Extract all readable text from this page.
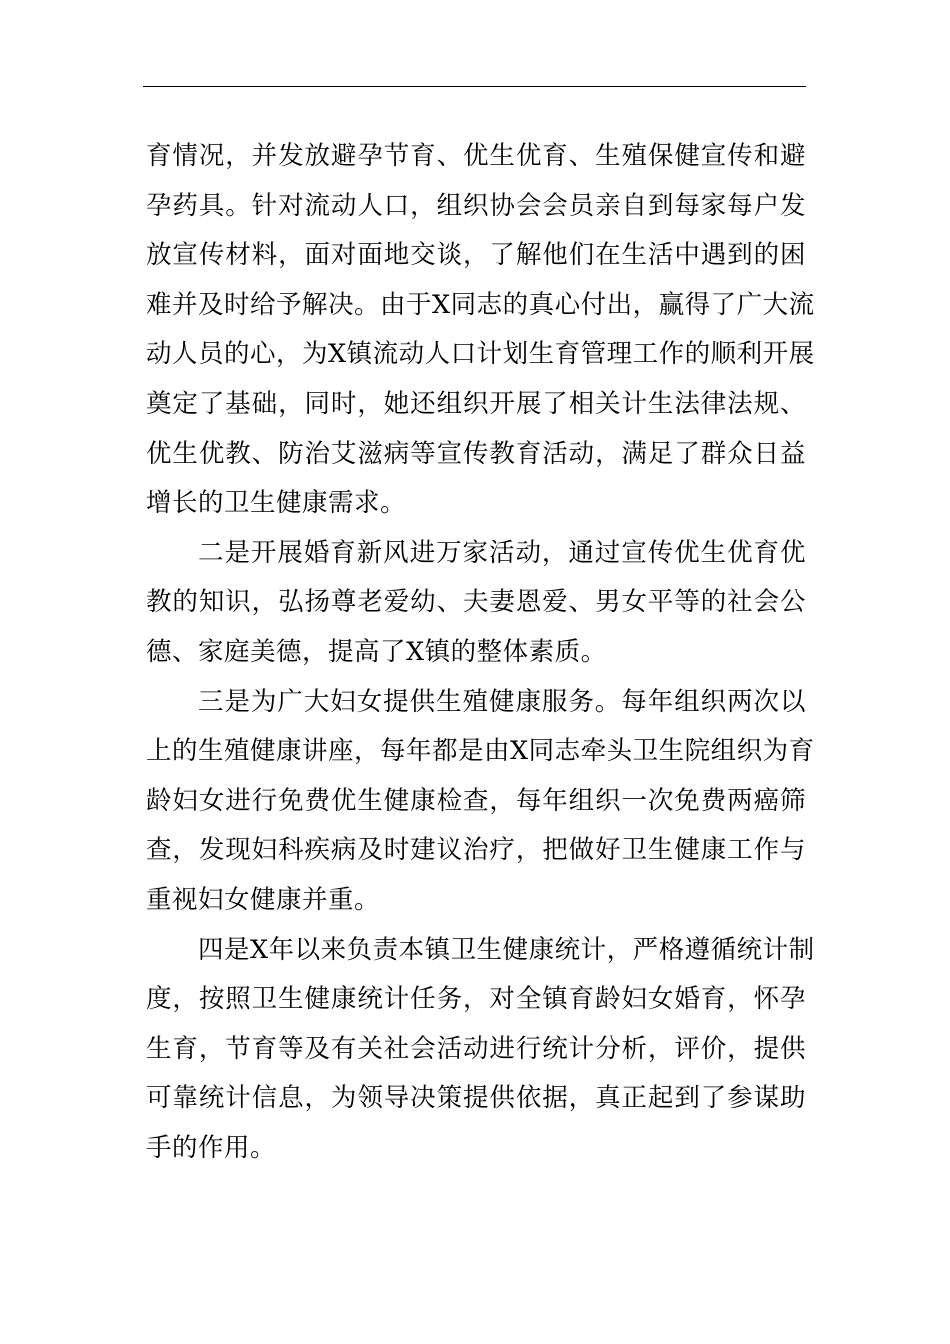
育情况，并发放避孕节育、优生优育、生殖保健宣传和避
孕药具。针对流动人口，组织协会会员亲自到每家每户发
放宣传材料，面对面地交谈，了解他们在生活中遇到的困
难并及时给予解决。由于X同志的真心付出，赢得了广大流
动人员的心，为X镇流动人口计划生育管理工作的顺利开展
奠定了基础，同时，她还组织开展了相关计生法律法规、
优生优教、防治艾滋病等宣传教育活动，满足了群众日益
增长的卫生健康需求。
二是开展婚育新风进万家活动，通过宣传优生优育优
教的知识，弘扬尊老爱幼、夫妻恩爱、男女平等的社会公
德、家庭美德，提高了X镇的整体素质。
三是为广大妇女提供生殖健康服务。每年组织两次以
上的生殖健康讲座，每年都是由X同志牵头卫生院组织为育
龄妇女进行免费优生健康检查，每年组织一次免费两癌筛
查，发现妇科疾病及时建议治疗，把做好卫生健康工作与
重视妇女健康并重。
四是X年以来负责本镇卫生健康统计，严格遵循统计制
度，按照卫生健康统计任务，对全镇育龄妇女婚育，怀孕
生育，节育等及有关社会活动进行统计分析，评价，提供
可靠统计信息，为领导决策提供依据，真正起到了参谋助
手的作用。
